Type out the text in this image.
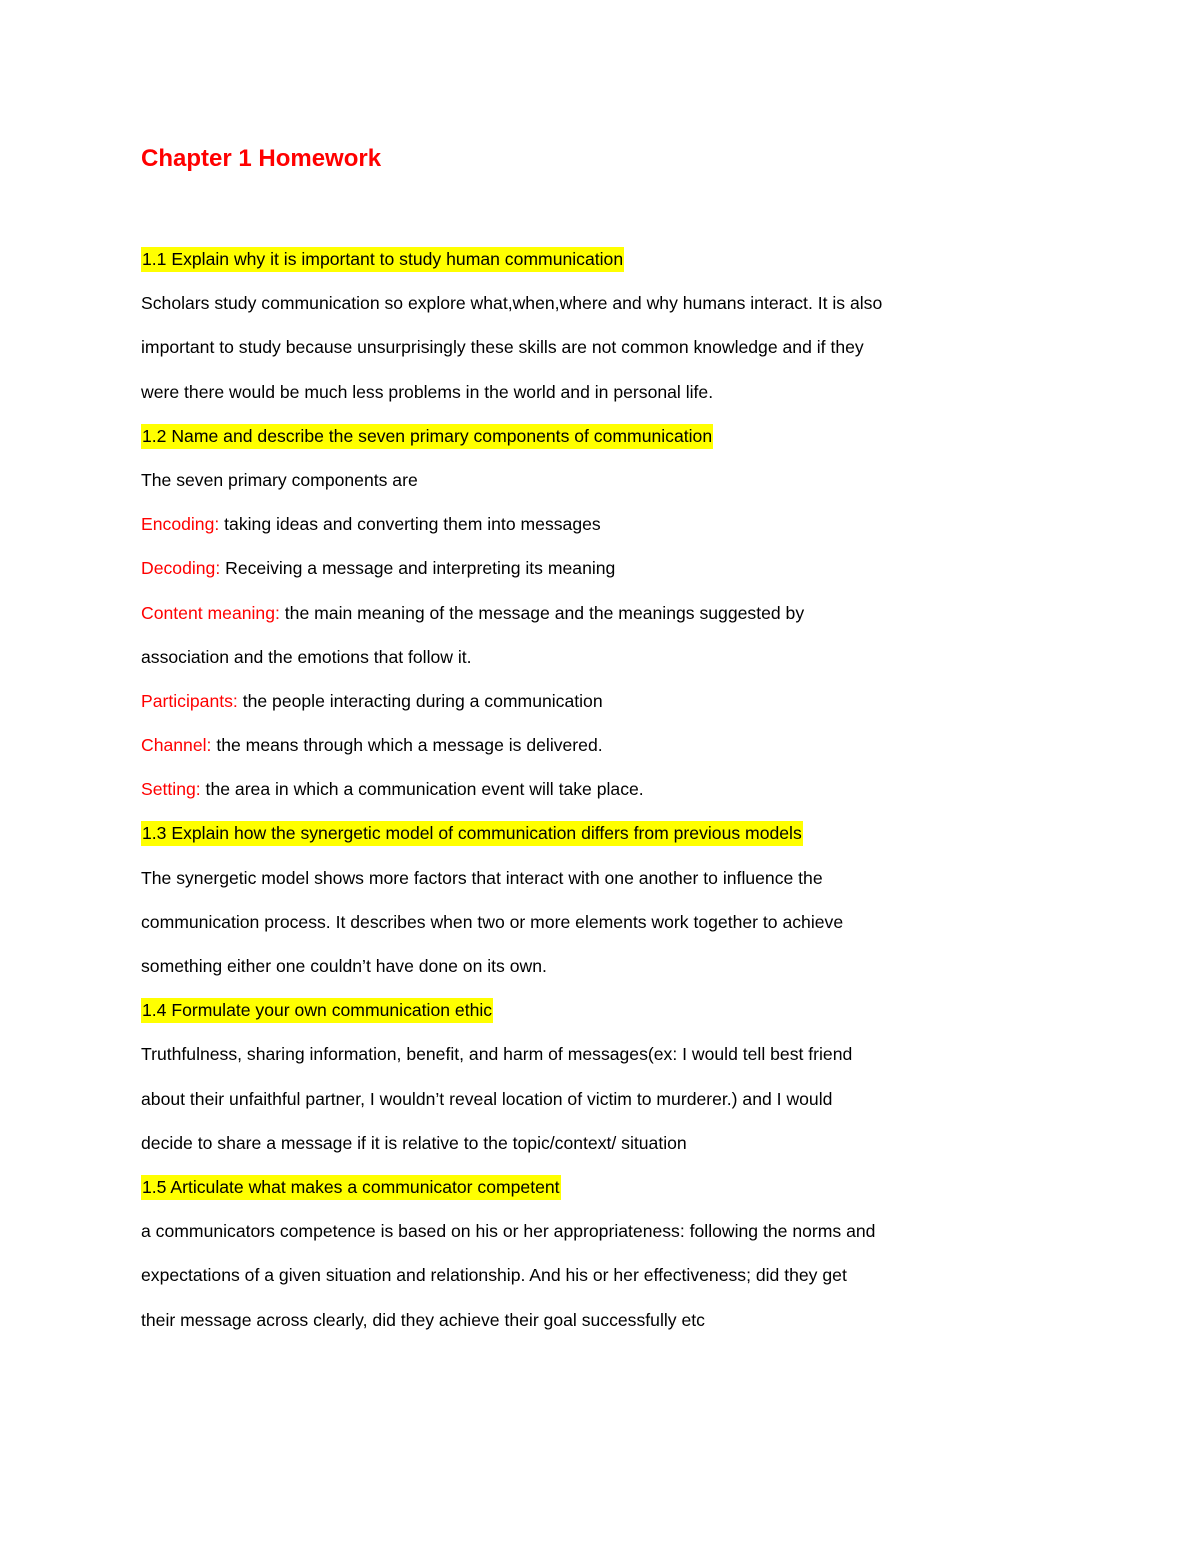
Chapter 1 Homework
1.1 Explain why it is important to study human communication
Scholars study communication so explore what,when,where and why humans interact. It is also
important to study because unsurprisingly these skills are not common knowledge and if they
were there would be much less problems in the world and in personal life.
1.2 Name and describe the seven primary components of communication
The seven primary components are
Encoding: taking ideas and converting them into messages
Decoding: Receiving a message and interpreting its meaning
Content meaning: the main meaning of the message and the meanings suggested by
association and the emotions that follow it.
Participants: the people interacting during a communication
Channel: the means through which a message is delivered.
Setting: the area in which a communication event will take place.
1.3 Explain how the synergetic model of communication differs from previous models
The synergetic model shows more factors that interact with one another to influence the
communication process. It describes when two or more elements work together to achieve
something either one couldn’t have done on its own.
1.4 Formulate your own communication ethic
Truthfulness, sharing information, benefit, and harm of messages(ex: I would tell best friend
about their unfaithful partner, I wouldn’t reveal location of victim to murderer.) and I would
decide to share a message if it is relative to the topic/context/ situation
1.5 Articulate what makes a communicator competent
a communicators competence is based on his or her appropriateness: following the norms and
expectations of a given situation and relationship. And his or her effectiveness; did they get
their message across clearly, did they achieve their goal successfully etc
